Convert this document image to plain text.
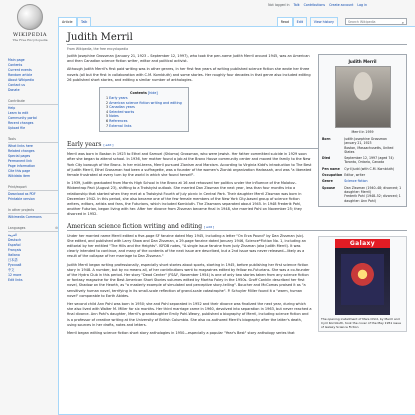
Not logged in Talk Contributions Create account Log in
WIKIPEDIA
The Free Encyclopedia
Main page
Contents
Current events
Random article
About Wikipedia
Contact us
Donate
Contribute
Help
Learn to edit
Community portal
Recent changes
Upload file
Tools
What links here
Related changes
Special pages
Permanent link
Page information
Cite this page
Wikidata item
Print/export
Download as PDF
Printable version
In other projects
Wikimedia Commons
Languages	⚙
العربية
Deutsch
Español
Français
Italiano
日本語
Русский
中文
12 more
Edit links
Article	Talk	Read	Edit	View history	Search Wikipedia	⌕
Judith Merril
From Wikipedia, the free encyclopedia
Judith Merril
Merril in 1959
Born	Judith Josephine Grossman
January 21, 1923
Boston, Massachusetts, United States
Died	September 12, 1997 (aged 74)
Toronto, Ontario, Canada
Pen name	Cyril Judd (with C.M. Kornbluth)
Occupation	Editor, writer
Genre	Science fiction
Spouse	Dan Zissman (1940–48; divorced; 1 daughter: Merril)
Frederik Pohl (1948–52; divorced; 1 daughter: Ann Pohl)

Judith Josephine Grossman (January 21, 1923 – September 12, 1997), who took the pen-name Judith Merril around 1945, was an American and then Canadian science fiction writer, editor and political activist.

Although Judith Merril's first paid writing was in other genres, in her first few years of writing published science fiction she wrote her three novels (all but the first in collaboration with C.M. Kornbluth) and some stories. Her roughly four decades in that genre also included editing 26 published short stories, and editing a similar number of anthologies.

Contents [hide]
1 Early years
2 American science fiction writing and editing
3 Canadian years
4 Selected works
5 Notes
6 References
7 External links
Early years [ edit ]

Merril was born in Boston in 1923 to Ethel and Samuel (Shlomo) Grossman, who were Jewish. Her father committed suicide in 1929 soon after she began to attend school. In 1936, her mother found a job at the Bronx House community center and moved the family to the New York City borough of the Bronx. In her mid-teens, Merril pursued Zionism and Marxism. According to Virginia Kidd's introduction to The Best of Judith Merril, Ethel Grossman had been a suffragette, was a founder of the women's Zionist organization Hadassah, and was "a liberated female frustrated at every turn by the world in which she found herself".

In 1939, Judith graduated from Morris High School in the Bronx at 16 and rehoused her politics under the influence of the Molotov–Ribbentrop Pact (August 23), shifting to a Trotskyist outlook. She married Dan Zissman the next year, less than four months into a relationship that started when they met at a Trotskyist Fourth of July picnic in Central Park. Their daughter Merril Zissman was born in December 1942. In this period, she also became one of the few female members of the New York City-based group of science fiction writers, editors, artists and fans, the Futurians, which included Kornbluth. The Zissmans separated about 1945. In 1948 Frederik Pohl, another Futurian, began living with her. After her divorce from Zissman became final in 1948, she married Pohl on November 25; they divorced in 1952.

American science fiction writing and editing [ edit ]
Galaxy
The opening installment of Mars Child, by Merril and Cyril Kornbluth, took the cover of the May 1951 issue of Galaxy Science Fiction

Under her married name Merril edited a five-page SF fanzine dated May 1945, including a letter "On Erza Pound" by Dan Zissman (sic). She edited, and published with Larry Shaw and Dan Zissman, a 29-page fanzine dated January 1946, Science*Fiction No. 1, including an editorial by her entitled "The Hills and the Heights". ISFDB notes, "A single issue fanzine from Judy Zissman (aka Judith Merril). It was clearly intended to continue, and many of the contents of the next issue are described, but a 2nd issue was never released—likely as a result of the collapse of her marriage to Dan Zissman."

Judith Merril began writing professionally, especially short stories about sports, starting in 1945, before publishing her first science fiction story in 1948. A number, but by no means all, of her contributions went to magazines edited by fellow ex-Futurians. She was a co-founder of the Hydra Club in this period. Her story "Dead Center" (FS&F, November 1954) is one of only two stories taken from any science fiction or fantasy magazine for the Best American Short Stories volumes edited by Martha Foley in the 1950s. Groff Conklin described her first novel, Shadow on the Hearth, as "a masterly example of simulated and perceptive story-telling". Boucher and McComas praised it as "a sensitively human novel, terrifying in its small-scale reflection of grand-scale catastrophe". P. Schuyler Miller found it a "warm, human novel" comparable to Earth Abides.

Her second child Ann Pohl was born in 1950; she and Pohl separated in 1952 and their divorce was finalized the next year, during which she also lived with Walter M. Miller for six months. Her third marriage came in 1960, devolved into separation in 1963, but never reached a final divorce. Ann Pohl's daughter, Merril's granddaughter Emily Pohl-Weary, published a biography of Merril, including science fiction and is a professor of creative writing at the University of British Columbia. She also co-authored Merril's biography after the latter's death, using sources in her drafts, notes and letters.

Merril began editing science fiction short story anthologies in 1950—especially a popular "Year's Best" story anthology series that
